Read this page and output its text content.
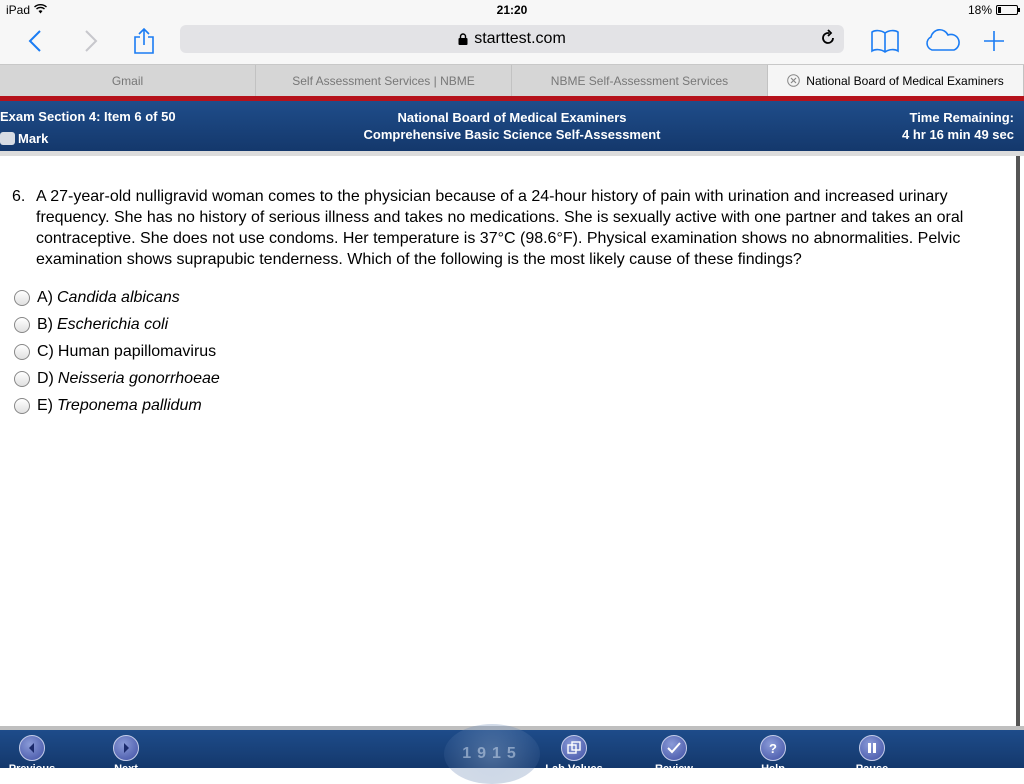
iPad	21:20	18%
starttest.com
Gmail	Self Assessment Services | NBME	NBME Self-Assessment Services	National Board of Medical Examiners
Exam Section 4: Item 6 of 50
Mark
National Board of Medical Examiners
Comprehensive Basic Science Self-Assessment
Time Remaining:
4 hr 16 min 49 sec
6. A 27-year-old nulligravid woman comes to the physician because of a 24-hour history of pain with urination and increased urinary frequency. She has no history of serious illness and takes no medications. She is sexually active with one partner and takes an oral contraceptive. She does not use condoms. Her temperature is 37°C (98.6°F). Physical examination shows no abnormalities. Pelvic examination shows suprapubic tenderness. Which of the following is the most likely cause of these findings?
A) Candida albicans
B) Escherichia coli
C) Human papillomavirus
D) Neisseria gonorrhoeae
E) Treponema pallidum
1915
Previous	Next	Lab Values	Review
?
Help	Pause
